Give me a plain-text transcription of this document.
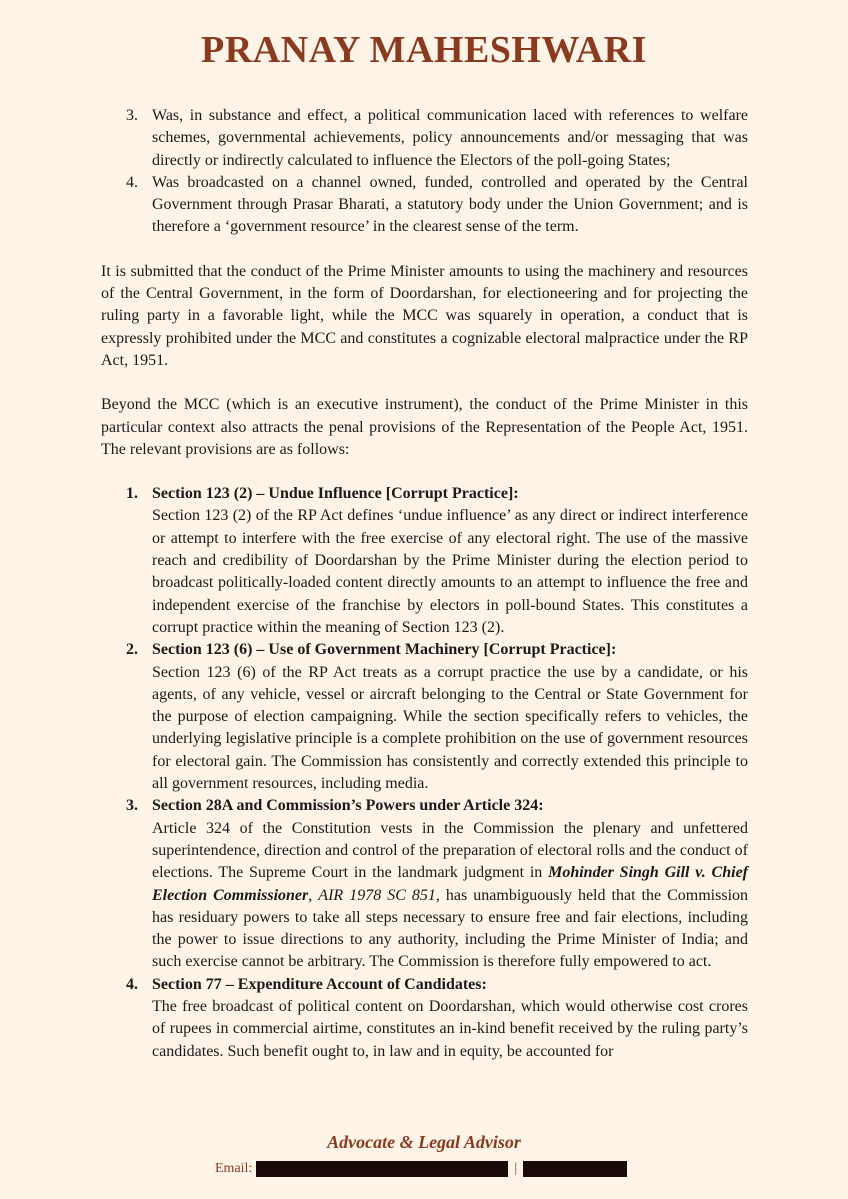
PRANAY MAHESHWARI
3. Was, in substance and effect, a political communication laced with references to welfare schemes, governmental achievements, policy announcements and/or messaging that was directly or indirectly calculated to influence the Electors of the poll-going States;
4. Was broadcasted on a channel owned, funded, controlled and operated by the Central Government through Prasar Bharati, a statutory body under the Union Government; and is therefore a ‘government resource’ in the clearest sense of the term.

It is submitted that the conduct of the Prime Minister amounts to using the machinery and resources of the Central Government, in the form of Doordarshan, for electioneering and for projecting the ruling party in a favorable light, while the MCC was squarely in operation, a conduct that is expressly prohibited under the MCC and constitutes a cognizable electoral malpractice under the RP Act, 1951.

Beyond the MCC (which is an executive instrument), the conduct of the Prime Minister in this particular context also attracts the penal provisions of the Representation of the People Act, 1951. The relevant provisions are as follows:

1. Section 123 (2) – Undue Influence [Corrupt Practice]:
Section 123 (2) of the RP Act defines ‘undue influence’ as any direct or indirect interference or attempt to interfere with the free exercise of any electoral right. The use of the massive reach and credibility of Doordarshan by the Prime Minister during the election period to broadcast politically-loaded content directly amounts to an attempt to influence the free and independent exercise of the franchise by electors in poll-bound States. This constitutes a corrupt practice within the meaning of Section 123 (2).
2. Section 123 (6) – Use of Government Machinery [Corrupt Practice]:
Section 123 (6) of the RP Act treats as a corrupt practice the use by a candidate, or his agents, of any vehicle, vessel or aircraft belonging to the Central or State Government for the purpose of election campaigning. While the section specifically refers to vehicles, the underlying legislative principle is a complete prohibition on the use of government resources for electoral gain. The Commission has consistently and correctly extended this principle to all government resources, including media.
3. Section 28A and Commission’s Powers under Article 324:
Article 324 of the Constitution vests in the Commission the plenary and unfettered superintendence, direction and control of the preparation of electoral rolls and the conduct of elections. The Supreme Court in the landmark judgment in Mohinder Singh Gill v. Chief Election Commissioner, AIR 1978 SC 851, has unambiguously held that the Commission has residuary powers to take all steps necessary to ensure free and fair elections, including the power to issue directions to any authority, including the Prime Minister of India; and such exercise cannot be arbitrary. The Commission is therefore fully empowered to act.
4. Section 77 – Expenditure Account of Candidates:
The free broadcast of political content on Doordarshan, which would otherwise cost crores of rupees in commercial airtime, constitutes an in-kind benefit received by the ruling party’s candidates. Such benefit ought to, in law and in equity, be accounted for
Advocate & Legal Advisor
Email:	|
